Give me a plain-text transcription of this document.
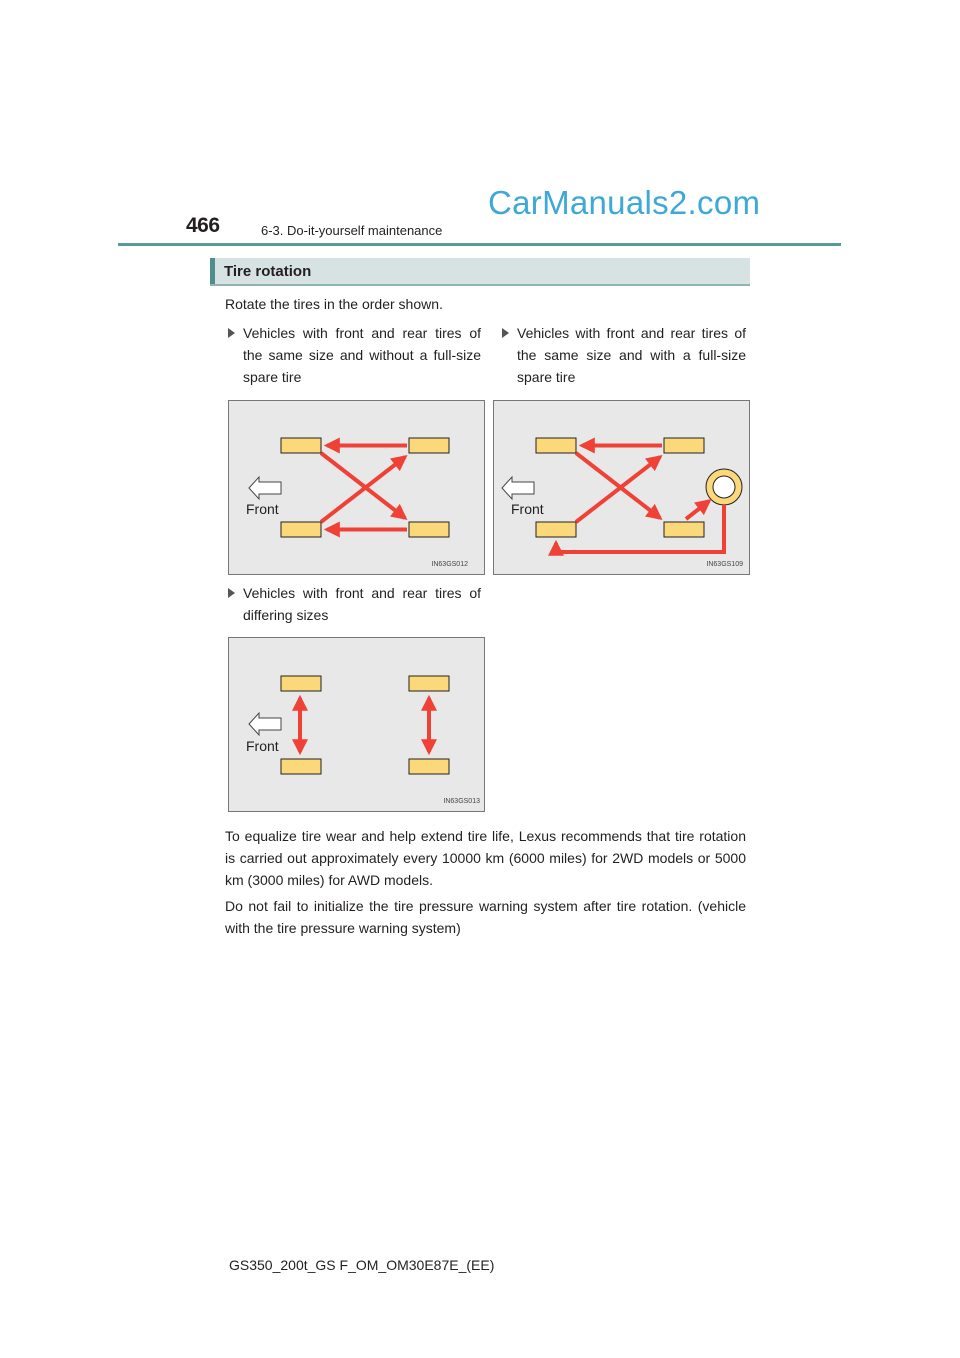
466	6-3. Do-it-yourself maintenance
CarManuals2.com
Tire rotation
Rotate the tires in the order shown.
Vehicles with front and rear tires of the same size and without a full-size spare tire
Vehicles with front and rear tires of the same size and with a full-size spare tire
Front
IN63GS012
Front
IN63GS109
Vehicles with front and rear tires of differing sizes
Front
IN63GS013
To equalize tire wear and help extend tire life, Lexus recommends that tire rotation is carried out approximately every 10000 km (6000 miles) for 2WD models or 5000 km (3000 miles) for AWD models.
Do not fail to initialize the tire pressure warning system after tire rotation. (vehicle with the tire pressure warning system)
GS350_200t_GS F_OM_OM30E87E_(EE)
